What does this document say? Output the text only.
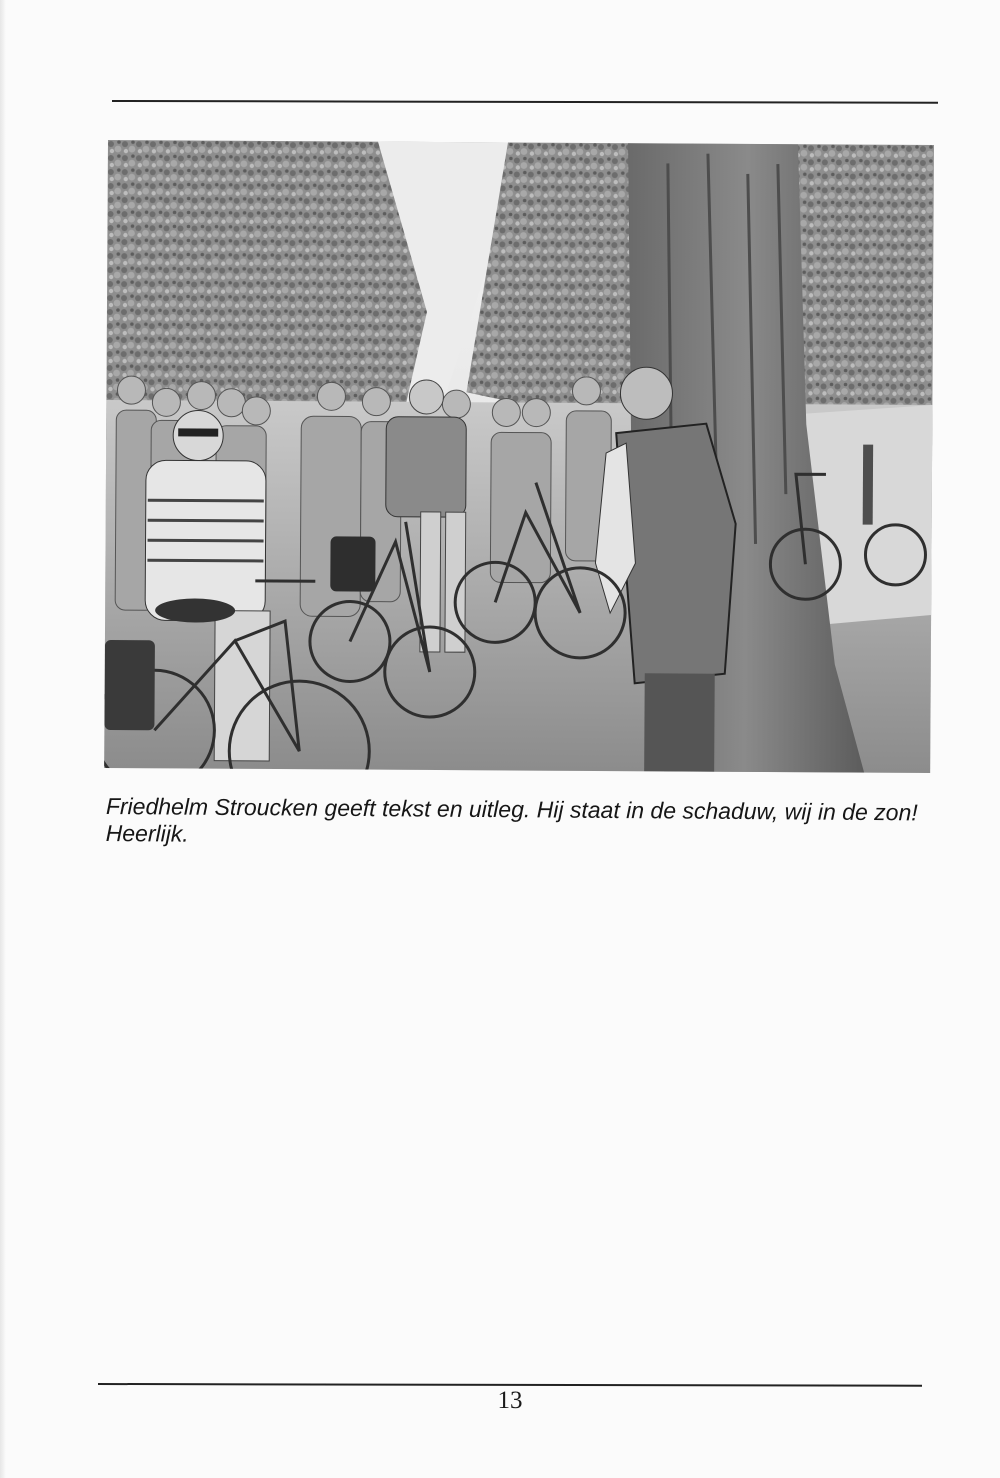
Friedhelm Stroucken geeft tekst en uitleg. Hij staat in de schaduw, wij in de zon! Heerlijk.

13
